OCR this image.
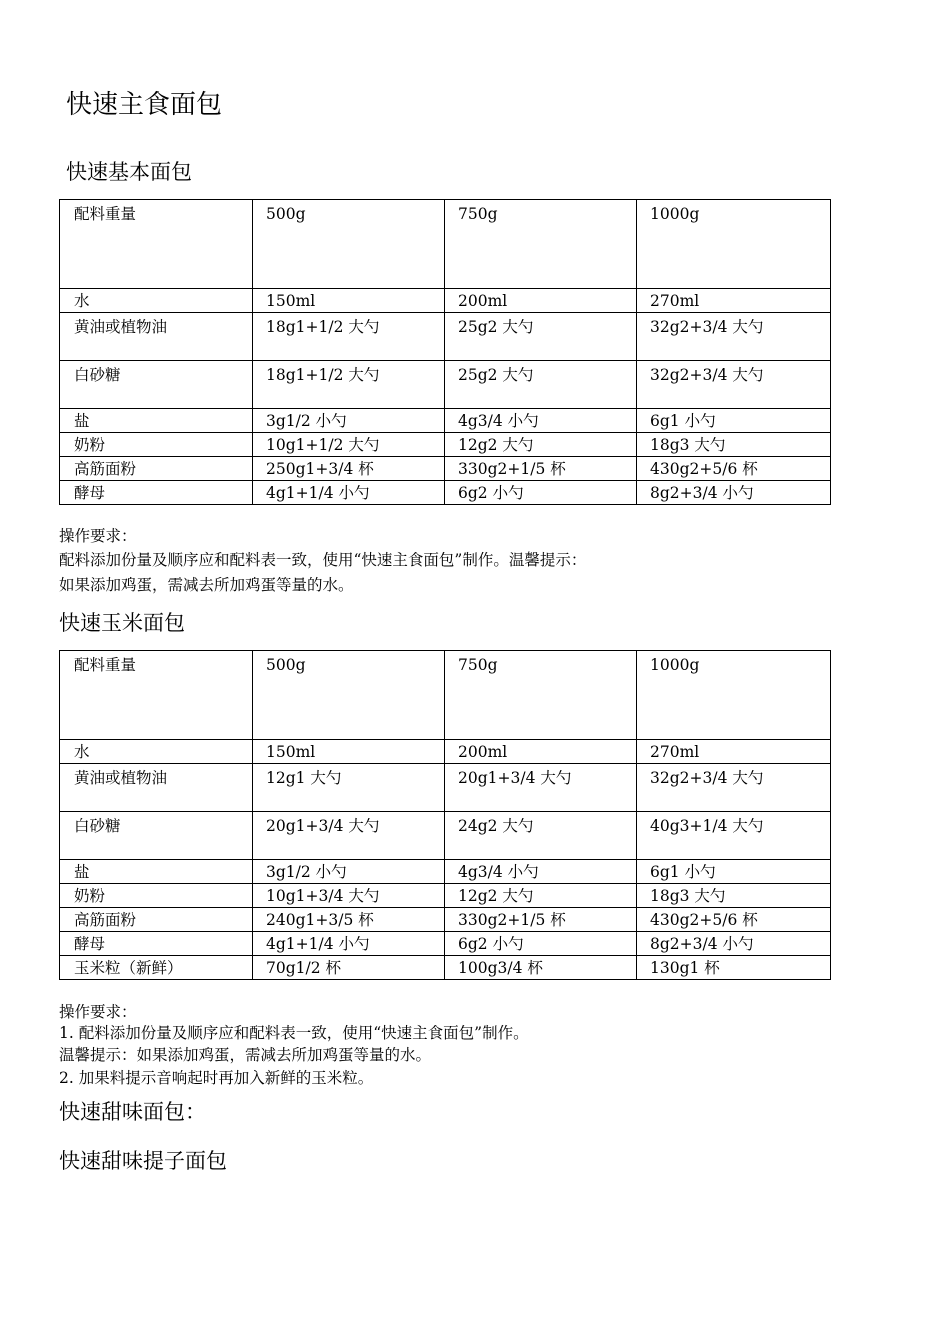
快速主食面包
快速基本面包
配料重量	500g	750g	1000g
水	150ml	200ml	270ml
黄油或植物油	18g1+1/2 大勺	25g2 大勺	32g2+3/4 大勺
白砂糖	18g1+1/2 大勺	25g2 大勺	32g2+3/4 大勺
盐	3g1/2 小勺	4g3/4 小勺	6g1 小勺
奶粉	10g1+1/2 大勺	12g2 大勺	18g3 大勺
高筋面粉	250g1+3/4 杯	330g2+1/5 杯	430g2+5/6 杯
酵母	4g1+1/4 小勺	6g2 小勺	8g2+3/4 小勺

操作要求：

配料添加份量及顺序应和配料表一致，使用“快速主食面包”制作。温馨提示：

如果添加鸡蛋，需减去所加鸡蛋等量的水。

快速玉米面包
配料重量	500g	750g	1000g
水	150ml	200ml	270ml
黄油或植物油	12g1 大勺	20g1+3/4 大勺	32g2+3/4 大勺
白砂糖	20g1+3/4 大勺	24g2 大勺	40g3+1/4 大勺
盐	3g1/2 小勺	4g3/4 小勺	6g1 小勺
奶粉	10g1+3/4 大勺	12g2 大勺	18g3 大勺
高筋面粉	240g1+3/5 杯	330g2+1/5 杯	430g2+5/6 杯
酵母	4g1+1/4 小勺	6g2 小勺	8g2+3/4 小勺
玉米粒（新鲜）	70g1/2 杯	100g3/4 杯	130g1 杯

操作要求：

1. 配料添加份量及顺序应和配料表一致，使用“快速主食面包”制作。

温馨提示：如果添加鸡蛋，需减去所加鸡蛋等量的水。

2. 加果料提示音响起时再加入新鲜的玉米粒。

快速甜味面包：
快速甜味提子面包
